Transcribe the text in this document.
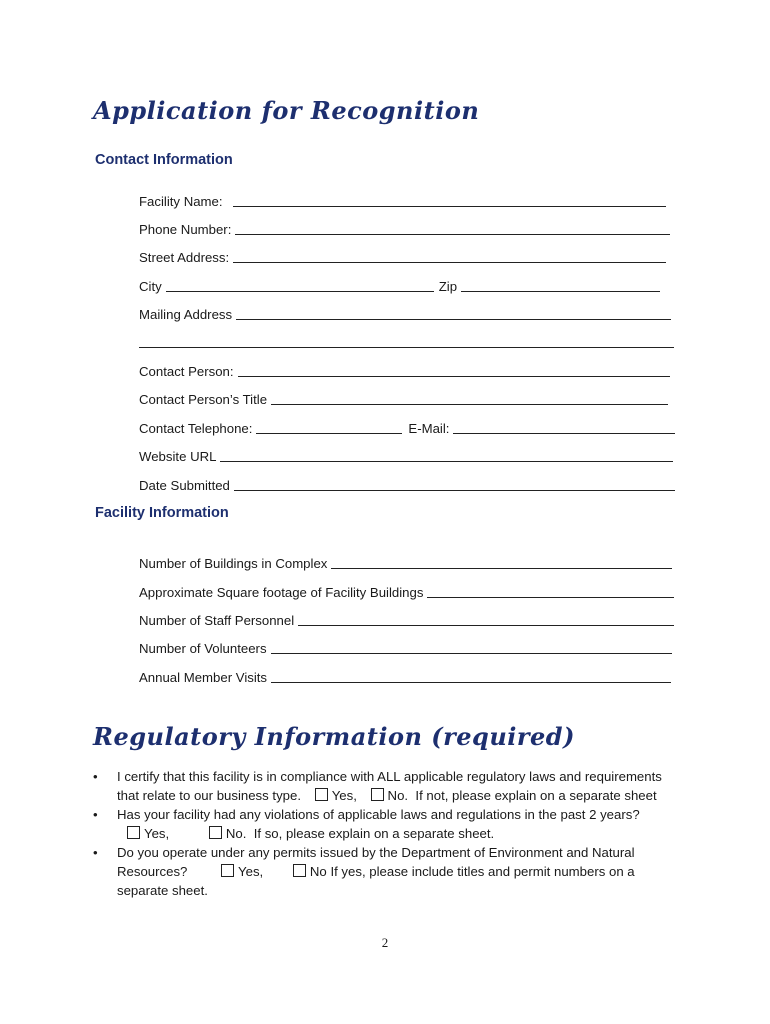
Application for Recognition
Contact Information
Facility Name:
Phone Number:
Street Address:
City	Zip
Mailing Address
Contact Person:
Contact Person’s Title
Contact Telephone:	E-Mail:
Website URL
Date Submitted
Facility Information
Number of Buildings in Complex
Approximate Square footage of Facility Buildings
Number of Staff Personnel
Number of Volunteers
Annual Member Visits
Regulatory Information (required)
• I certify that this facility is in compliance with ALL applicable regulatory laws and requirements that relate to our business type. Yes, No. If not, please explain on a separate sheet
• Has your facility had any violations of applicable laws and regulations in the past 2 years?
Yes,	No. If so, please explain on a separate sheet.
• Do you operate under any permits issued by the Department of Environment and Natural Resources?	Yes,	No If yes, please include titles and permit numbers on a separate sheet.
2
